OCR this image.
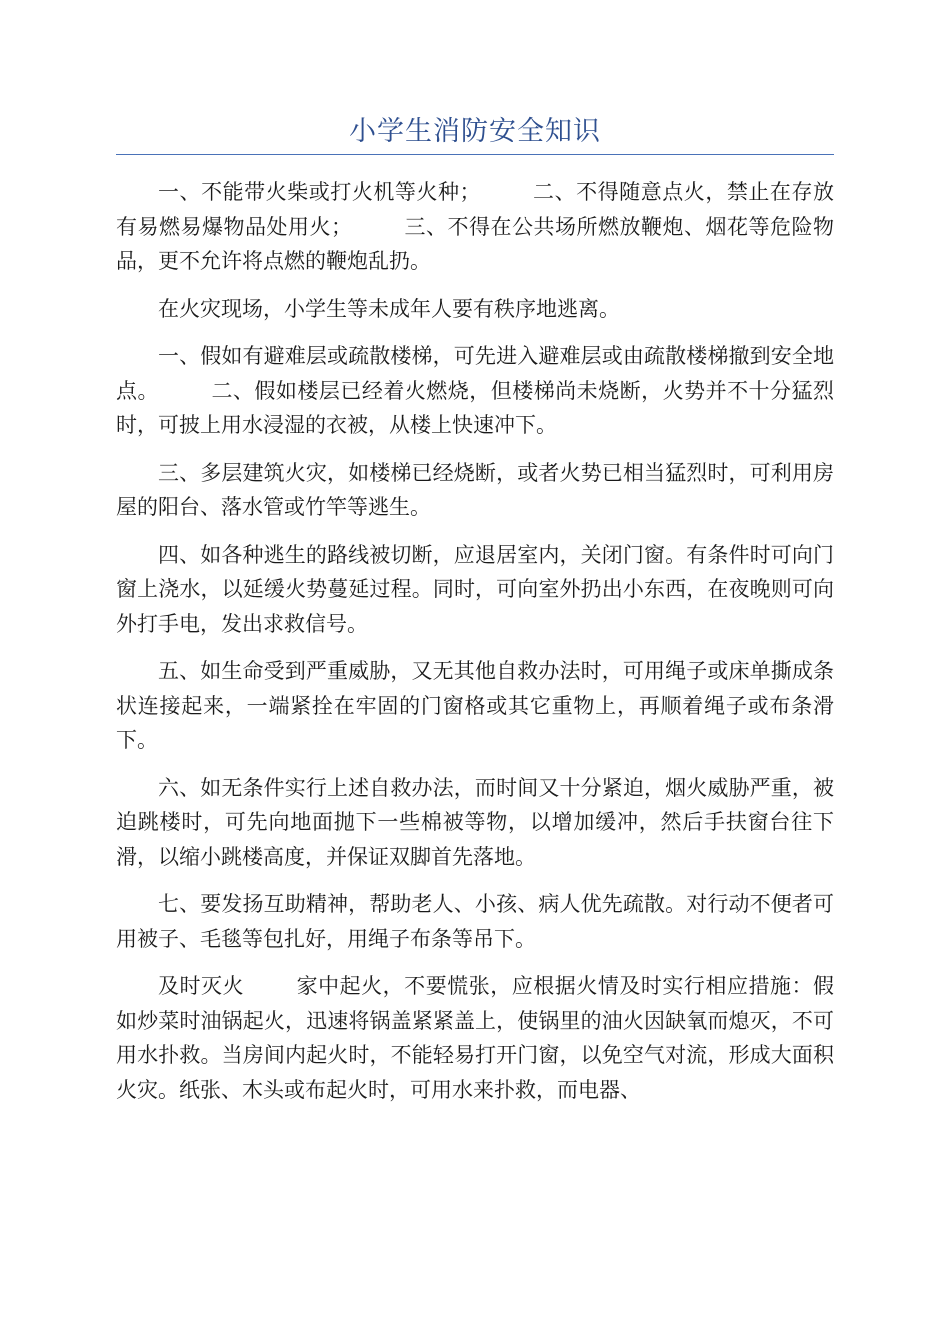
小学生消防安全知识

一、不能带火柴或打火机等火种； 二、不得随意点火，禁止在存放有易燃易爆物品处用火； 三、不得在公共场所燃放鞭炮、烟花等危险物品，更不允许将点燃的鞭炮乱扔。

在火灾现场，小学生等未成年人要有秩序地逃离。

一、假如有避难层或疏散楼梯，可先进入避难层或由疏散楼梯撤到安全地点。 二、假如楼层已经着火燃烧，但楼梯尚未烧断，火势并不十分猛烈时，可披上用水浸湿的衣被，从楼上快速冲下。

三、多层建筑火灾，如楼梯已经烧断，或者火势已相当猛烈时，可利用房屋的阳台、落水管或竹竿等逃生。

四、如各种逃生的路线被切断，应退居室内，关闭门窗。有条件时可向门窗上浇水，以延缓火势蔓延过程。同时，可向室外扔出小东西，在夜晚则可向外打手电，发出求救信号。

五、如生命受到严重威胁，又无其他自救办法时，可用绳子或床单撕成条状连接起来，一端紧拴在牢固的门窗格或其它重物上，再顺着绳子或布条滑下。

六、如无条件实行上述自救办法，而时间又十分紧迫，烟火威胁严重，被迫跳楼时，可先向地面抛下一些棉被等物，以增加缓冲，然后手扶窗台往下滑，以缩小跳楼高度，并保证双脚首先落地。

七、要发扬互助精神，帮助老人、小孩、病人优先疏散。对行动不便者可用被子、毛毯等包扎好，用绳子布条等吊下。

及时灭火 家中起火，不要慌张，应根据火情及时实行相应措施：假如炒菜时油锅起火，迅速将锅盖紧紧盖上，使锅里的油火因缺氧而熄灭，不可用水扑救。当房间内起火时，不能轻易打开门窗，以免空气对流，形成大面积火灾。纸张、木头或布起火时，可用水来扑救，而电器、
